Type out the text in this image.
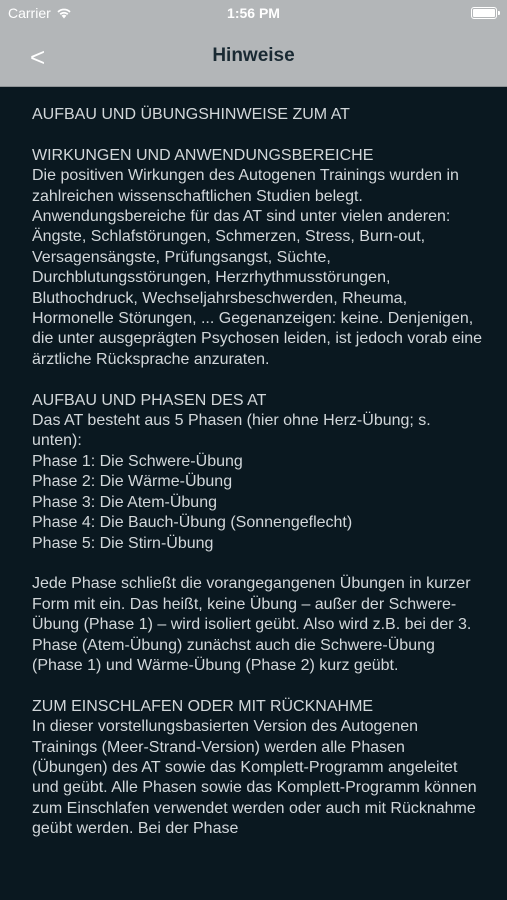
Carrier	1:56 PM
<	Hinweise

AUFBAU UND ÜBUNGSHINWEISE ZUM AT

WIRKUNGEN UND ANWENDUNGSBEREICHE

Die positiven Wirkungen des Autogenen Trainings wurden in zahlreichen wissenschaftlichen Studien belegt. Anwendungsbereiche für das AT sind unter vielen anderen: Ängste, Schlafstörungen, Schmerzen, Stress, Burn-out, Versagensängste, Prüfungsangst, Süchte, Durchblutungsstörungen, Herzrhythmusstörungen, Bluthochdruck, Wechseljahrsbeschwerden, Rheuma, Hormonelle Störungen, ... Gegenanzeigen: keine. Denjenigen, die unter ausgeprägten Psychosen leiden, ist jedoch vorab eine ärztliche Rücksprache anzuraten.

AUFBAU UND PHASEN DES AT

Das AT besteht aus 5 Phasen (hier ohne Herz-Übung; s. unten):

Phase 1: Die Schwere-Übung
Phase 2: Die Wärme-Übung
Phase 3: Die Atem-Übung
Phase 4: Die Bauch-Übung (Sonnengeflecht)
Phase 5: Die Stirn-Übung

Jede Phase schließt die vorangegangenen Übungen in kurzer Form mit ein. Das heißt, keine Übung – außer der Schwere-Übung (Phase 1) – wird isoliert geübt. Also wird z.B. bei der 3. Phase (Atem-Übung) zunächst auch die Schwere-Übung (Phase 1) und Wärme-Übung (Phase 2) kurz geübt.

ZUM EINSCHLAFEN ODER MIT RÜCKNAHME

In dieser vorstellungsbasierten Version des Autogenen Trainings (Meer-Strand-Version) werden alle Phasen (Übungen) des AT sowie das Komplett-Programm angeleitet und geübt. Alle Phasen sowie das Komplett-Programm können zum Einschlafen verwendet werden oder auch mit Rücknahme geübt werden. Bei der Phase
